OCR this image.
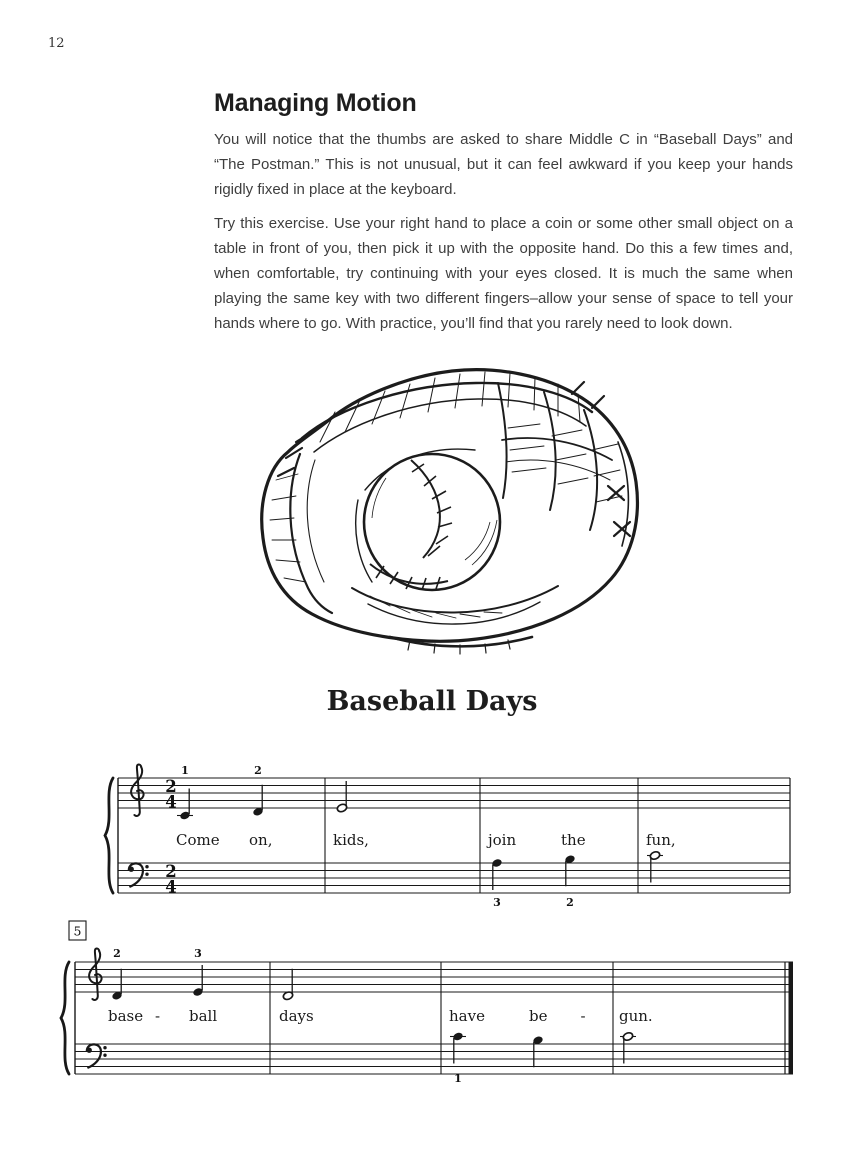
12
Managing Motion

You will notice that the thumbs are asked to share Middle C in “Baseball Days” and “The Postman.” This is not unusual, but it can feel awkward if you keep your hands rigidly fixed in place at the keyboard.

Try this exercise. Use your right hand to place a coin or some other small object on a table in front of you, then pick it up with the opposite hand. Do this a few times and, when comfortable, try continuing with your eyes closed. It is much the same when playing the same key with two different fingers–allow your sense of space to tell your hands where to go. With practice, you’ll find that you rarely need to look down.

Baseball Days
2
4
2
4
Come
1
on,
2
kids,	join
3
the
2
fun,
5
base
2
- ball
3
days	have
1
be - gun.
